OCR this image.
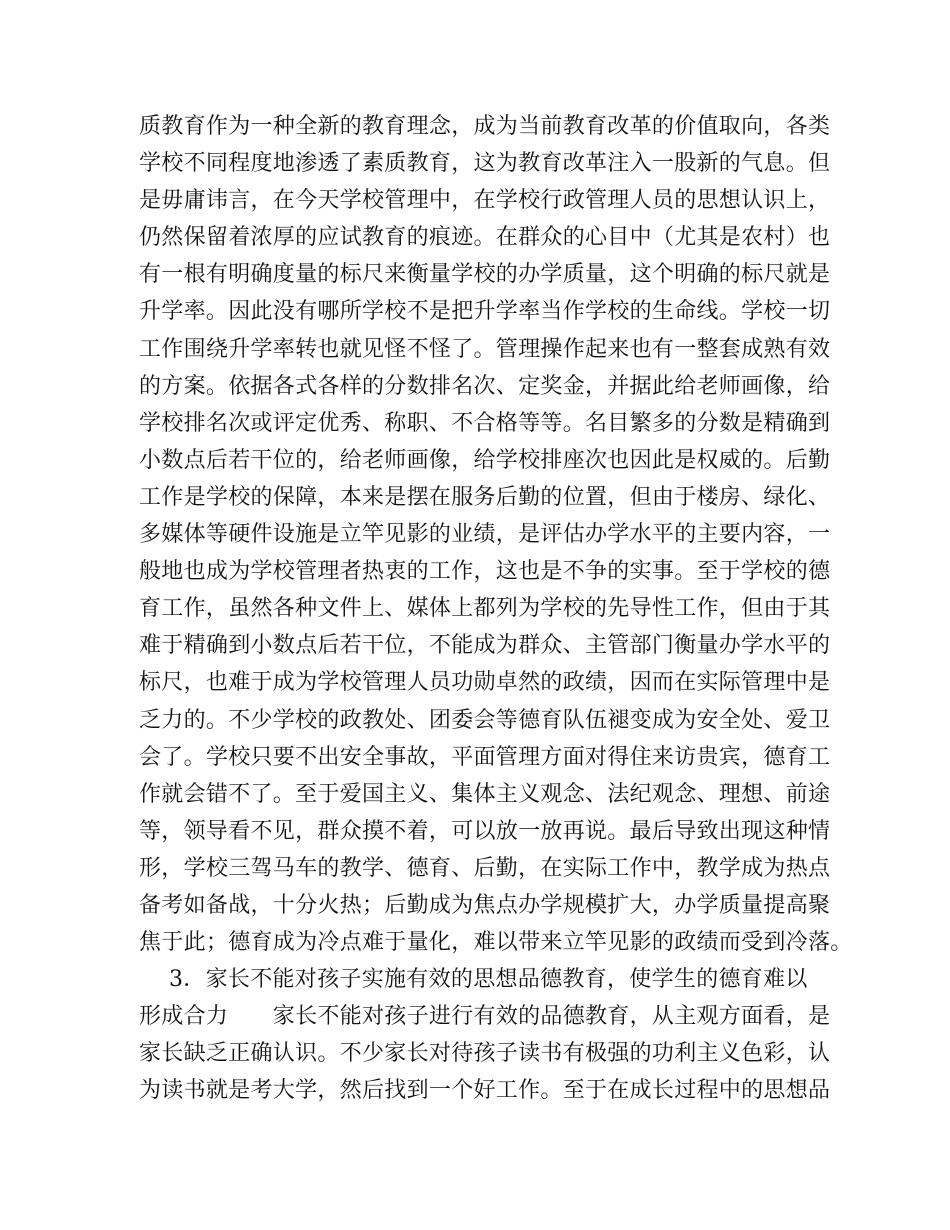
质教育作为一种全新的教育理念，成为当前教育改革的价值取向，各类
学校不同程度地渗透了素质教育，这为教育改革注入一股新的气息。但
是毋庸讳言，在今天学校管理中，在学校行政管理人员的思想认识上，
仍然保留着浓厚的应试教育的痕迹。在群众的心目中（尤其是农村）也
有一根有明确度量的标尺来衡量学校的办学质量，这个明确的标尺就是
升学率。因此没有哪所学校不是把升学率当作学校的生命线。学校一切
工作围绕升学率转也就见怪不怪了。管理操作起来也有一整套成熟有效
的方案。依据各式各样的分数排名次、定奖金，并据此给老师画像，给
学校排名次或评定优秀、称职、不合格等等。名目繁多的分数是精确到
小数点后若干位的，给老师画像，给学校排座次也因此是权威的。后勤
工作是学校的保障，本来是摆在服务后勤的位置，但由于楼房、绿化、
多媒体等硬件设施是立竿见影的业绩，是评估办学水平的主要内容，一
般地也成为学校管理者热衷的工作，这也是不争的实事。至于学校的德
育工作，虽然各种文件上、媒体上都列为学校的先导性工作，但由于其
难于精确到小数点后若干位，不能成为群众、主管部门衡量办学水平的
标尺，也难于成为学校管理人员功勋卓然的政绩，因而在实际管理中是
乏力的。不少学校的政教处、团委会等德育队伍褪变成为安全处、爱卫
会了。学校只要不出安全事故，平面管理方面对得住来访贵宾，德育工
作就会错不了。至于爱国主义、集体主义观念、法纪观念、理想、前途
等，领导看不见，群众摸不着，可以放一放再说。最后导致出现这种情
形，学校三驾马车的教学、德育、后勤，在实际工作中，教学成为热点
备考如备战，十分火热；后勤成为焦点办学规模扩大，办学质量提高聚
焦于此；德育成为冷点难于量化，难以带来立竿见影的政绩而受到冷落。
3．家长不能对孩子实施有效的思想品德教育，使学生的德育难以
形成合力　　家长不能对孩子进行有效的品德教育，从主观方面看，是
家长缺乏正确认识。不少家长对待孩子读书有极强的功利主义色彩，认
为读书就是考大学，然后找到一个好工作。至于在成长过程中的思想品
